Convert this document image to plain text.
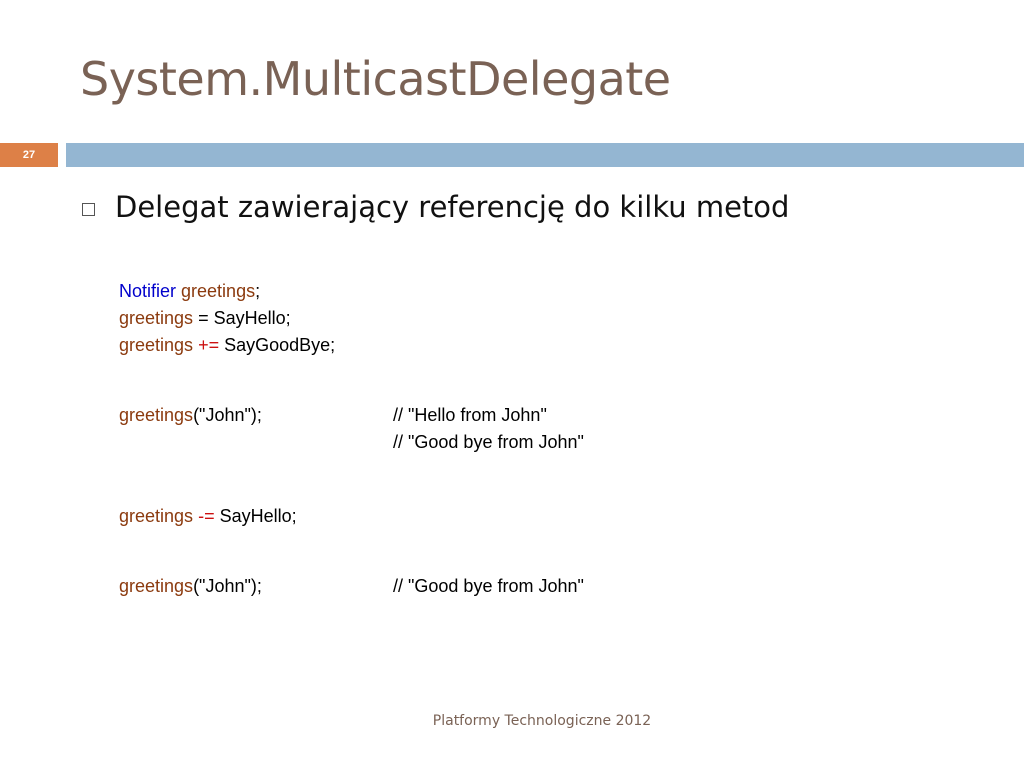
System.MulticastDelegate
27
Delegat zawierający referencję do kilku metod
Notifier greetings;
greetings = SayHello;
greetings += SayGoodBye;
greetings("John");	// "Hello from John"
// "Good bye from John"
greetings -= SayHello;
greetings("John");	// "Good bye from John"
Platformy Technologiczne 2012
